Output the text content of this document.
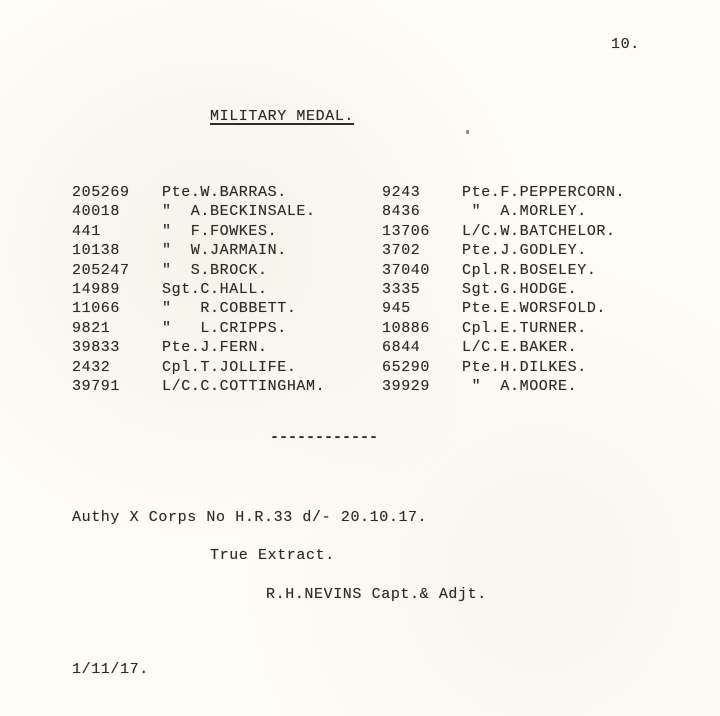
10.
MILITARY MEDAL.
205269 Pte.W.BARRAS.	9243	Pte.F.PEPPERCORN.
40018	"  A.BECKINSALE.	8436	"  A.MORLEY.
441	"  F.FOWKES.	13706 L/C.W.BATCHELOR.
10138	"  W.JARMAIN.	3702	Pte.J.GODLEY.
205247 "  S.BROCK.	37040 Cpl.R.BOSELEY.
14989	Sgt.C.HALL.	3335	Sgt.G.HODGE.
11066	"   R.COBBETT.	945	Pte.E.WORSFOLD.
9821	"   L.CRIPPS.	10886 Cpl.E.TURNER.
39833	Pte.J.FERN.	6844	L/C.E.BAKER.
2432	Cpl.T.JOLLIFE.	65290 Pte.H.DILKES.
39791	L/C.C.COTTINGHAM.	39929 "  A.MOORE.
------------
Authy X Corps No H.R.33 d/- 20.10.17.
True Extract.
R.H.NEVINS Capt.& Adjt.
1/11/17.
